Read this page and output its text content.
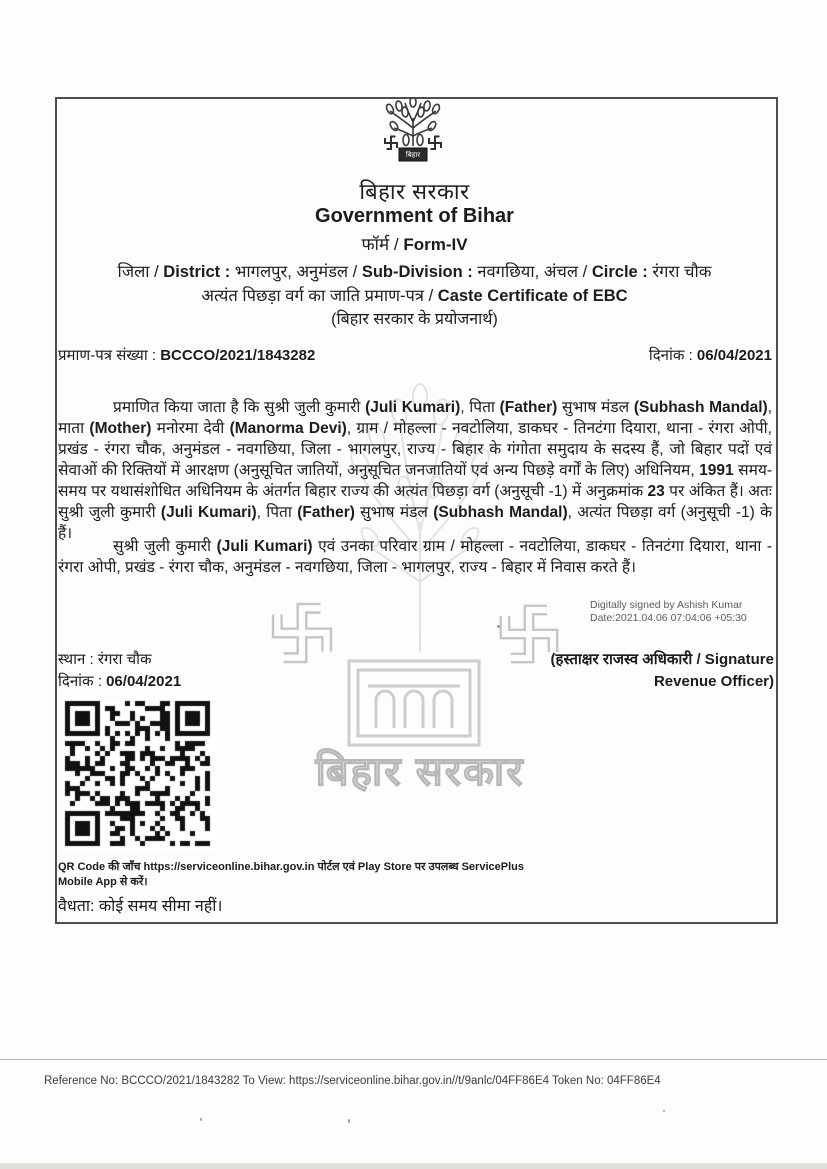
बिहार सरकार
बिहार
बिहार सरकार
Government of Bihar
फॉर्म / Form-IV
जिला / District : भागलपुर, अनुमंडल / Sub-Division : नवगछिया, अंचल / Circle : रंगरा चौक
अत्यंत पिछड़ा वर्ग का जाति प्रमाण-पत्र / Caste Certificate of EBC
(बिहार सरकार के प्रयोजनार्थ)
प्रमाण-पत्र संख्या : BCCCO/2021/1843282	दिनांक : 06/04/2021
प्रमाणित किया जाता है कि सुश्री जुली कुमारी (Juli Kumari), पिता (Father) सुभाष मंडल (Subhash Mandal), माता (Mother) मनोरमा देवी (Manorma Devi), ग्राम / मोहल्ला - नवटोलिया, डाकघर - तिनटंगा दियारा, थाना - रंगरा ओपी, प्रखंड - रंगरा चौक, अनुमंडल - नवगछिया, जिला - भागलपुर, राज्य - बिहार के गंगोता समुदाय के सदस्य हैं, जो बिहार पदों एवं सेवाओं की रिक्तियों में आरक्षण (अनुसूचित जातियों, अनुसूचित जनजातियों एवं अन्य पिछड़े वर्गों के लिए) अधिनियम, 1991 समय-समय पर यथासंशोधित अधिनियम के अंतर्गत बिहार राज्य की अत्यंत पिछड़ा वर्ग (अनुसूची -1) में अनुक्रमांक 23 पर अंकित हैं। अतः सुश्री जुली कुमारी (Juli Kumari), पिता (Father) सुभाष मंडल (Subhash Mandal), अत्यंत पिछड़ा वर्ग (अनुसूची -1) के हैं।
सुश्री जुली कुमारी (Juli Kumari) एवं उनका परिवार ग्राम / मोहल्ला - नवटोलिया, डाकघर - तिनटंगा दियारा, थाना - रंगरा ओपी, प्रखंड - रंगरा चौक, अनुमंडल - नवगछिया, जिला - भागलपुर, राज्य - बिहार में निवास करते हैं।
Digitally signed by Ashish Kumar
Date:2021.04.06 07:04:06 +05:30
स्थान : रंगरा चौक
दिनांक : 06/04/2021
(हस्ताक्षर राजस्व अधिकारी / Signature
Revenue Officer)
QR Code की जाँच https://serviceonline.bihar.gov.in पोर्टल एवं Play Store पर उपलब्ध ServicePlus
Mobile App से करें।
वैधता: कोई समय सीमा नहीं।
Reference No: BCCCO/2021/1843282 To View: https://serviceonline.bihar.gov.in//t/9anlc/04FF86E4 Token No: 04FF86E4
